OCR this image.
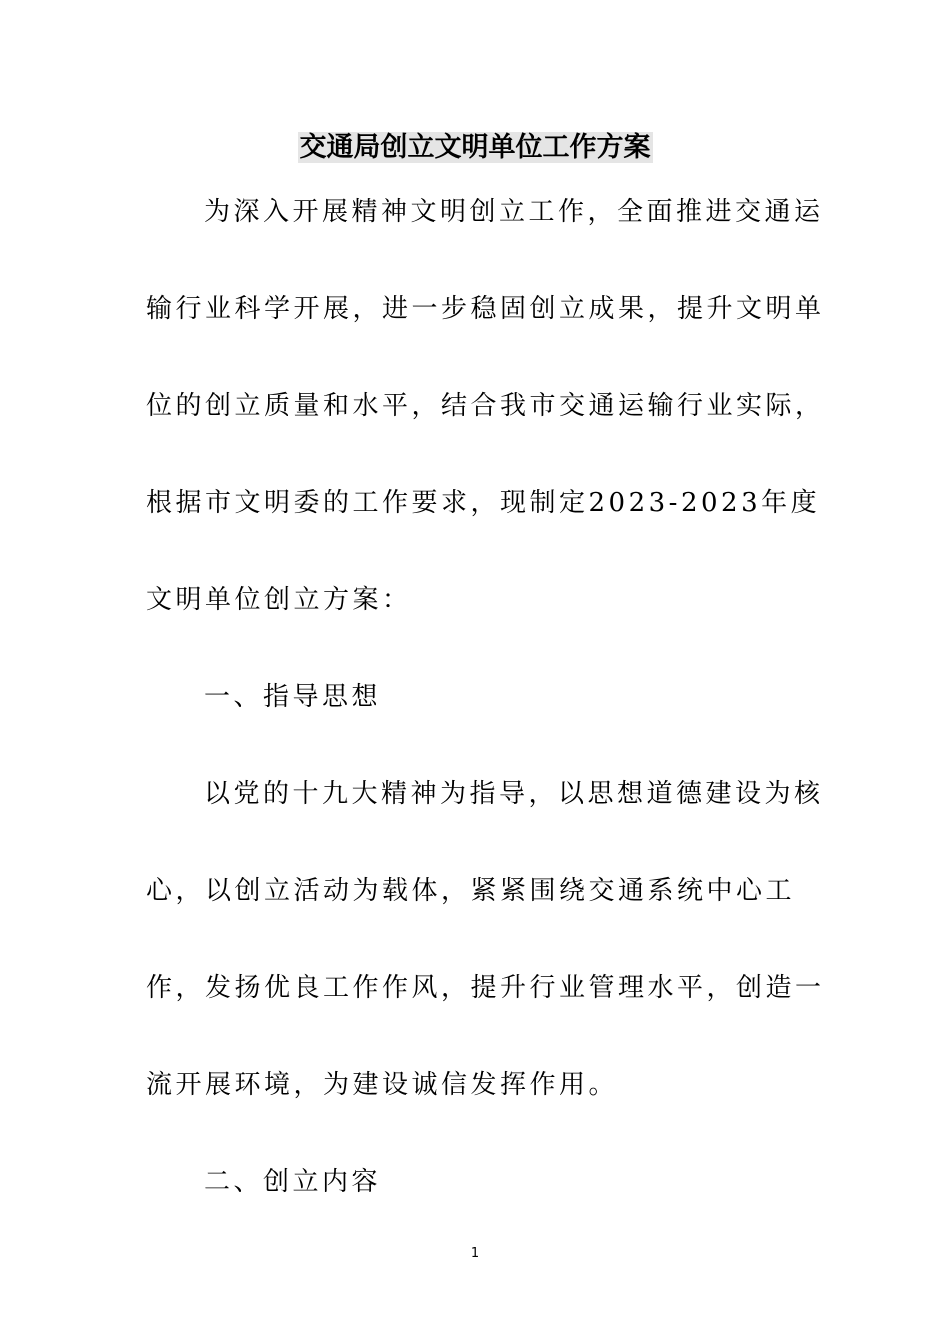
交通局创立文明单位工作方案

为深入开展精神文明创立工作，全面推进交通运输行业科学开展，进一步稳固创立成果，提升文明单位的创立质量和水平，结合我市交通运输行业实际，根据市文明委的工作要求，现制定2023-2023年度文明单位创立方案：

一、指导思想

以党的十九大精神为指导，以思想道德建设为核心，以创立活动为载体，紧紧围绕交通系统中心工作，发扬优良工作作风，提升行业管理水平，创造一流开展环境，为建设诚信发挥作用。

二、创立内容

1
